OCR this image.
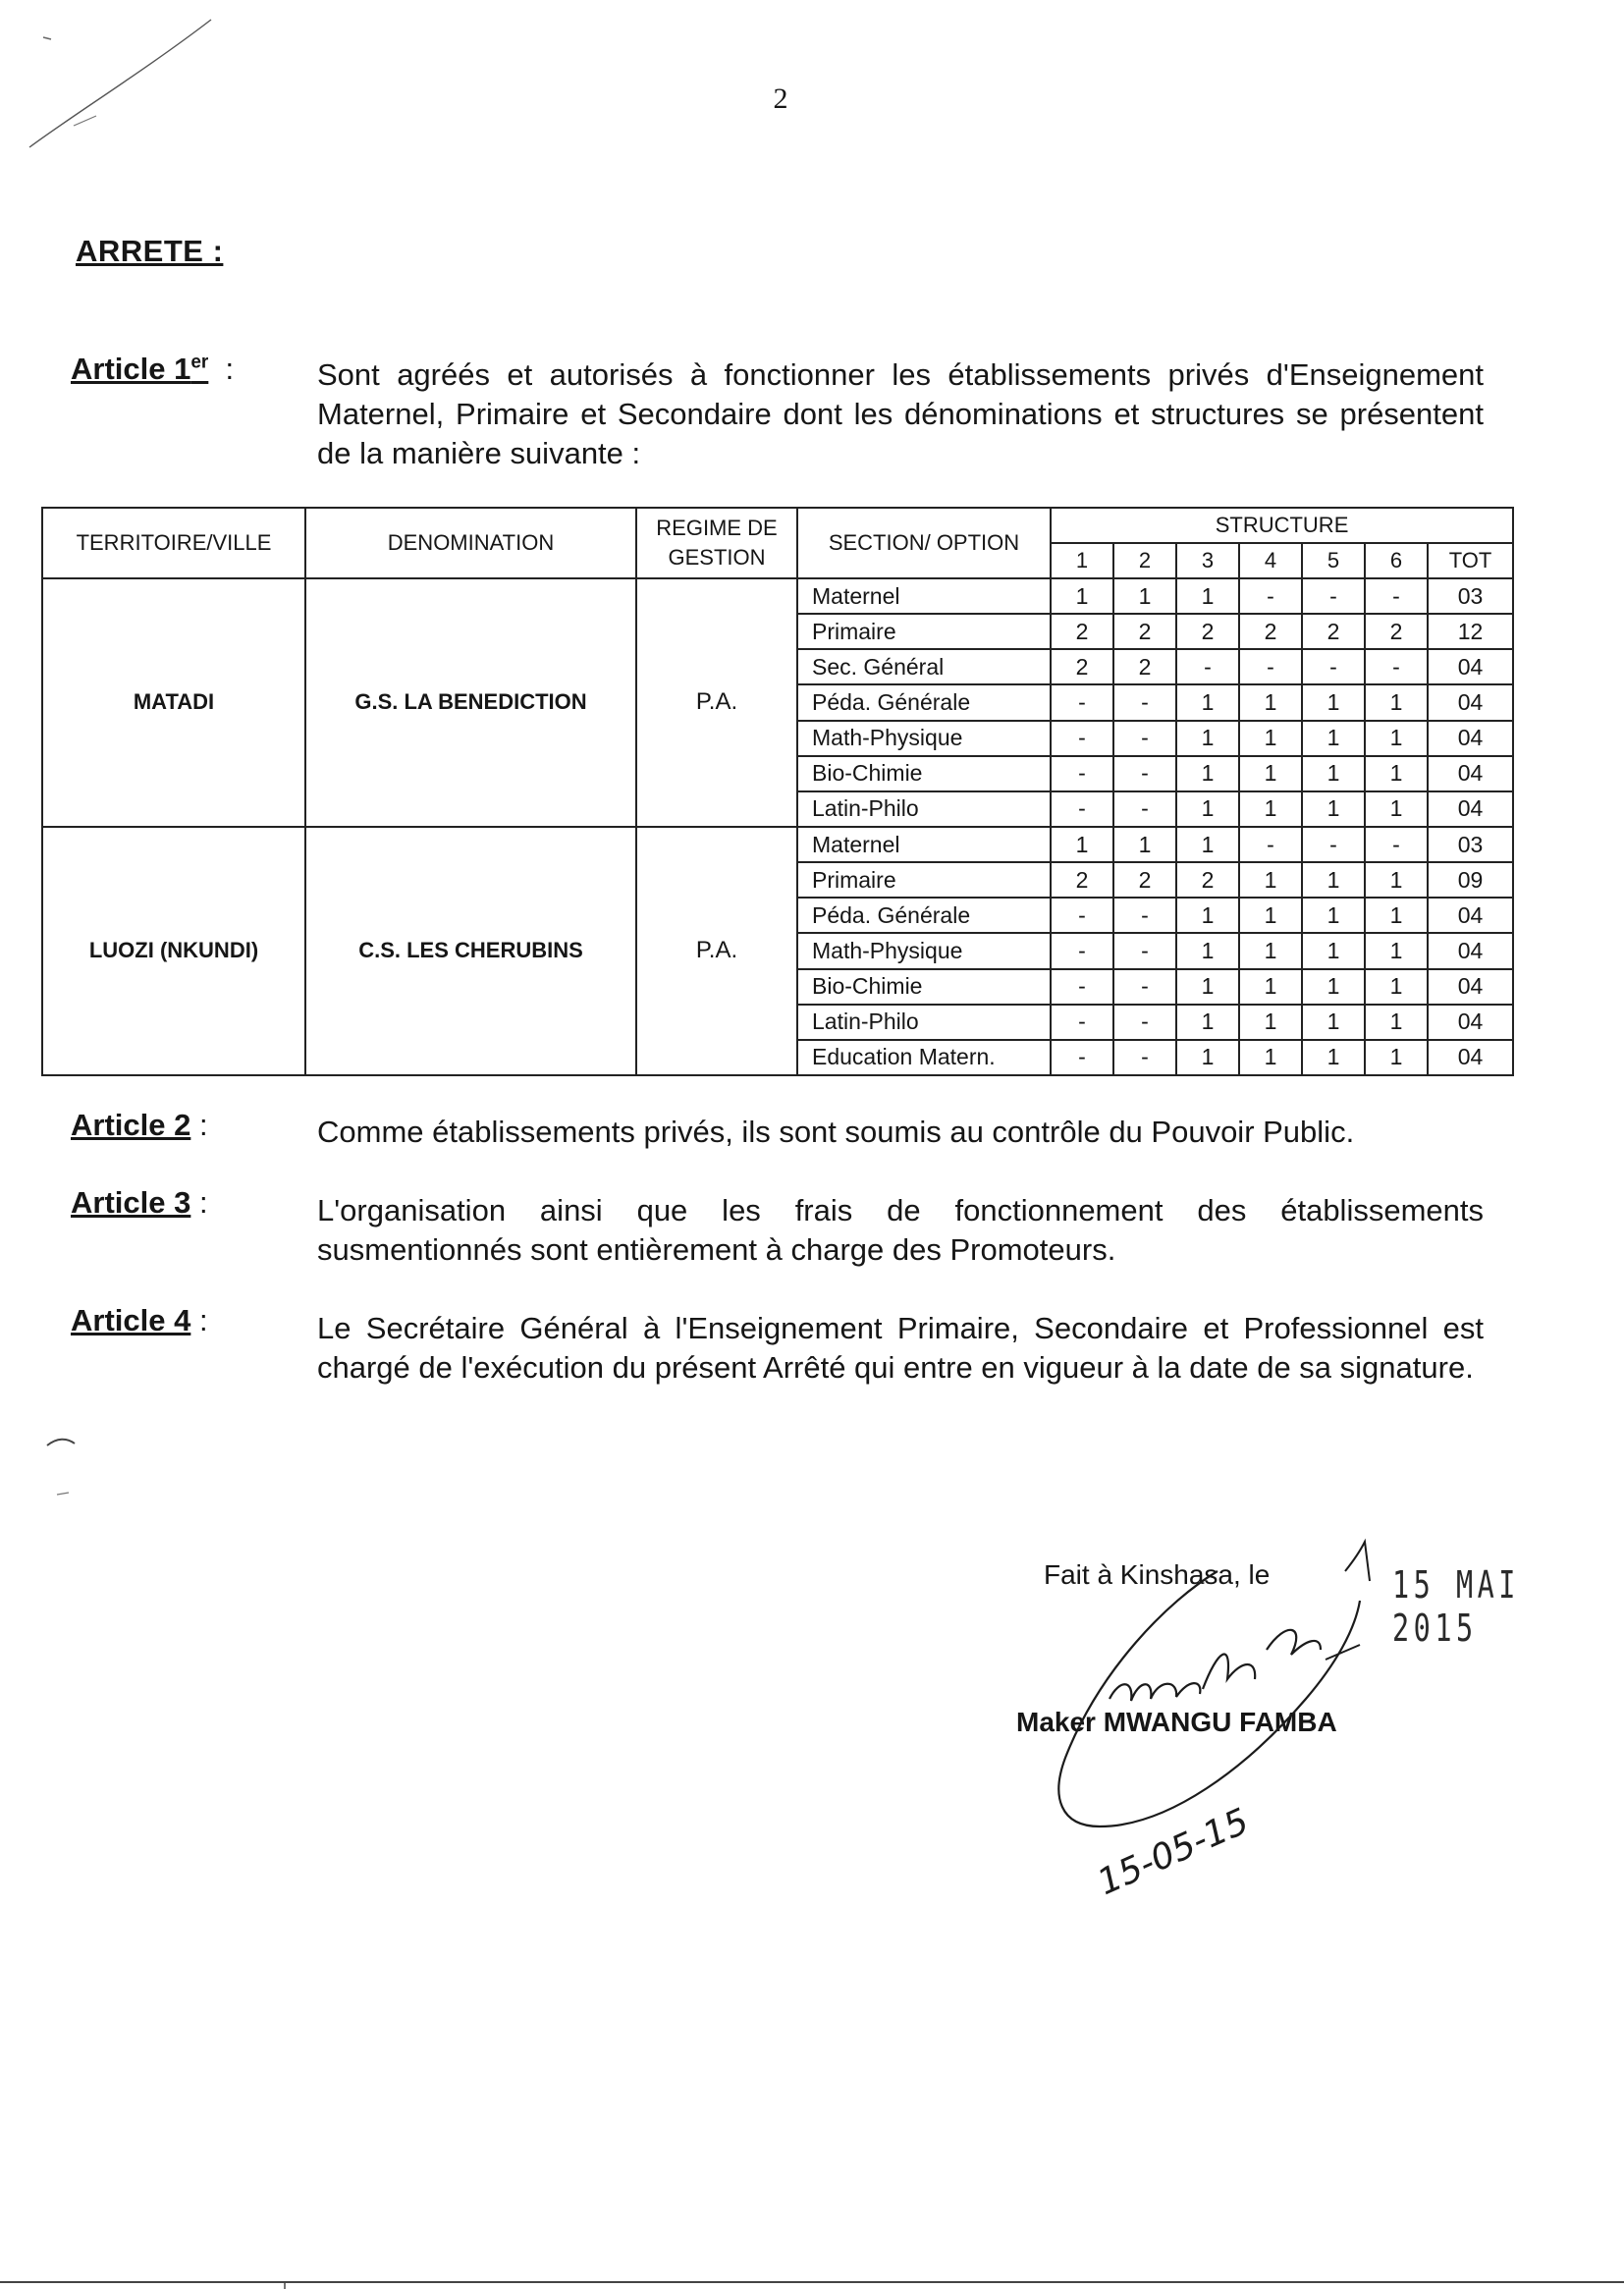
2
ARRETE :
Article 1er :	Sont agréés et autorisés à fonctionner les établissements privés d'Enseignement Maternel, Primaire et Secondaire dont les dénominations et structures se présentent de la manière suivante :
TERRITOIRE/VILLE	DENOMINATION	REGIME DE GESTION	SECTION/ OPTION	STRUCTURE						
				1	2	3	4	5	6	TOT
MATADI	G.S. LA BENEDICTION	P.A.	Maternel	1	1	1	-	-	-	03
			Primaire	2	2	2	2	2	2	12
			Sec. Général	2	2	-	-	-	-	04
			Péda. Générale	-	-	1	1	1	1	04
			Math-Physique	-	-	1	1	1	1	04
			Bio-Chimie	-	-	1	1	1	1	04
			Latin-Philo	-	-	1	1	1	1	04
LUOZI (NKUNDI)	C.S. LES CHERUBINS	P.A.	Maternel	1	1	1	-	-	-	03
			Primaire	2	2	2	1	1	1	09
			Péda. Générale	-	-	1	1	1	1	04
			Math-Physique	-	-	1	1	1	1	04
			Bio-Chimie	-	-	1	1	1	1	04
			Latin-Philo	-	-	1	1	1	1	04
			Education Matern.	-	-	1	1	1	1	04
Article 2 :	Comme établissements privés, ils sont soumis au contrôle du Pouvoir Public.
Article 3 :	L'organisation ainsi que les frais de fonctionnement des établissements susmentionnés sont entièrement à charge des Promoteurs.
Article 4 :	Le Secrétaire Général à l'Enseignement Primaire, Secondaire et Professionnel est chargé de l'exécution du présent Arrêté qui entre en vigueur à la date de sa signature.
Fait à Kinshasa, le	15 MAI 2015
Maker MWANGU FAMBA
15-05-15
